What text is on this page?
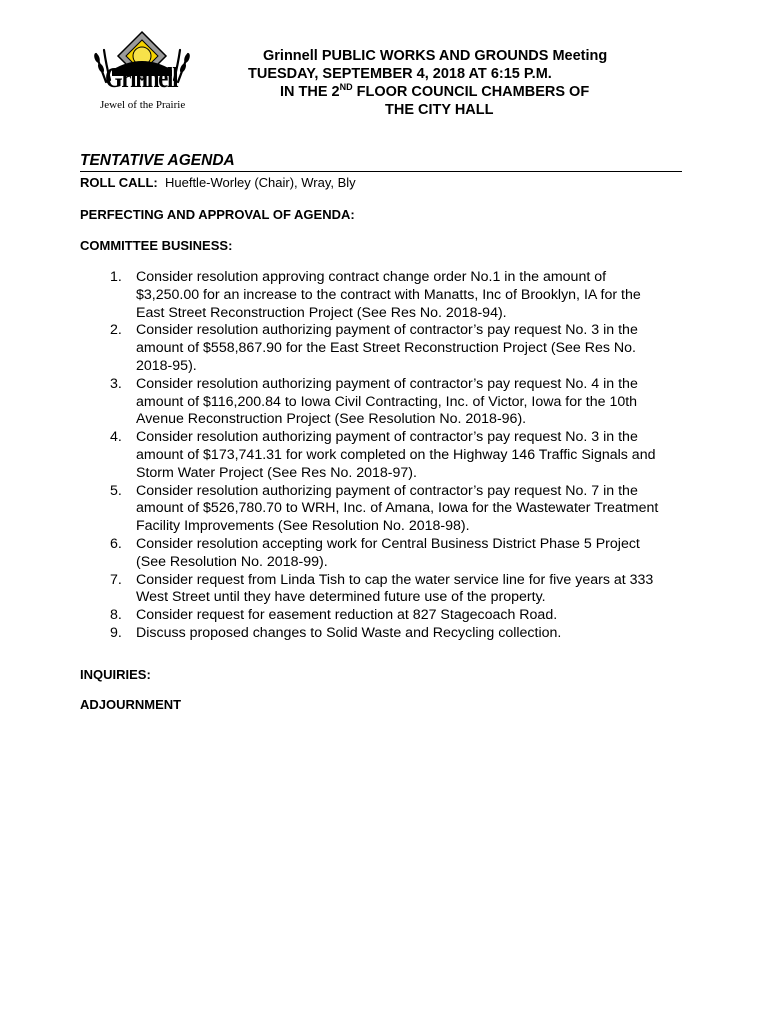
Grinnell
Jewel of the Prairie
Grinnell PUBLIC WORKS AND GROUNDS Meeting
TUESDAY, SEPTEMBER 4, 2018 AT 6:15 P.M.
IN THE 2ND FLOOR COUNCIL CHAMBERS OF
THE CITY HALL
TENTATIVE AGENDA
ROLL CALL: Hueftle-Worley (Chair), Wray, Bly
PERFECTING AND APPROVAL OF AGENDA:
COMMITTEE BUSINESS:
1. Consider resolution approving contract change order No.1 in the amount of
$3,250.00 for an increase to the contract with Manatts, Inc of Brooklyn, IA for the
East Street Reconstruction Project (See Res No. 2018-94).
2. Consider resolution authorizing payment of contractor’s pay request No. 3 in the
amount of $558,867.90 for the East Street Reconstruction Project (See Res No.
2018-95).
3. Consider resolution authorizing payment of contractor’s pay request No. 4 in the
amount of $116,200.84 to Iowa Civil Contracting, Inc. of Victor, Iowa for the 10th
Avenue Reconstruction Project (See Resolution No. 2018-96).
4. Consider resolution authorizing payment of contractor’s pay request No. 3 in the
amount of $173,741.31 for work completed on the Highway 146 Traffic Signals and
Storm Water Project (See Res No. 2018-97).
5. Consider resolution authorizing payment of contractor’s pay request No. 7 in the
amount of $526,780.70 to WRH, Inc. of Amana, Iowa for the Wastewater Treatment
Facility Improvements (See Resolution No. 2018-98).
6. Consider resolution accepting work for Central Business District Phase 5 Project
(See Resolution No. 2018-99).
7. Consider request from Linda Tish to cap the water service line for five years at 333
West Street until they have determined future use of the property.
8. Consider request for easement reduction at 827 Stagecoach Road.
9. Discuss proposed changes to Solid Waste and Recycling collection.
INQUIRIES:
ADJOURNMENT
